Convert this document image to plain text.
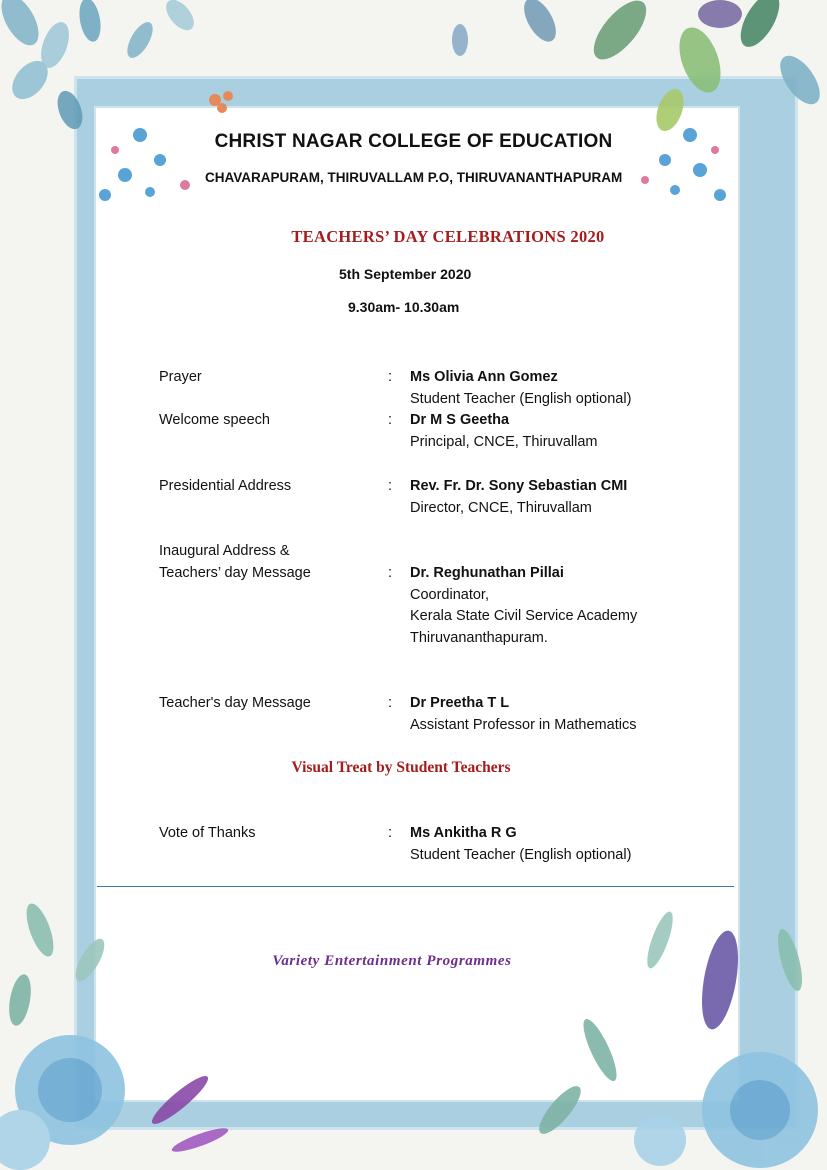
CHRIST NAGAR COLLEGE OF EDUCATION
CHAVARAPURAM, THIRUVALLAM P.O, THIRUVANANTHAPURAM
TEACHERS’ DAY CELEBRATIONS 2020
5th September 2020
9.30am- 10.30am
Prayer	: Ms Olivia Ann Gomez
Student Teacher (English optional)
Welcome speech	: Dr M S Geetha
Principal, CNCE, Thiruvallam
Presidential Address	: Rev. Fr. Dr. Sony Sebastian CMI
Director, CNCE, Thiruvallam
Inaugural Address &
Teachers’ day Message	: Dr. Reghunathan Pillai
Coordinator,
Kerala State Civil Service Academy
Thiruvananthapuram.
Teacher's day Message	: Dr Preetha T L
Assistant Professor in Mathematics
Visual Treat by Student Teachers
Vote of Thanks	: Ms Ankitha R G
Student Teacher (English optional)
Variety Entertainment Programmes
